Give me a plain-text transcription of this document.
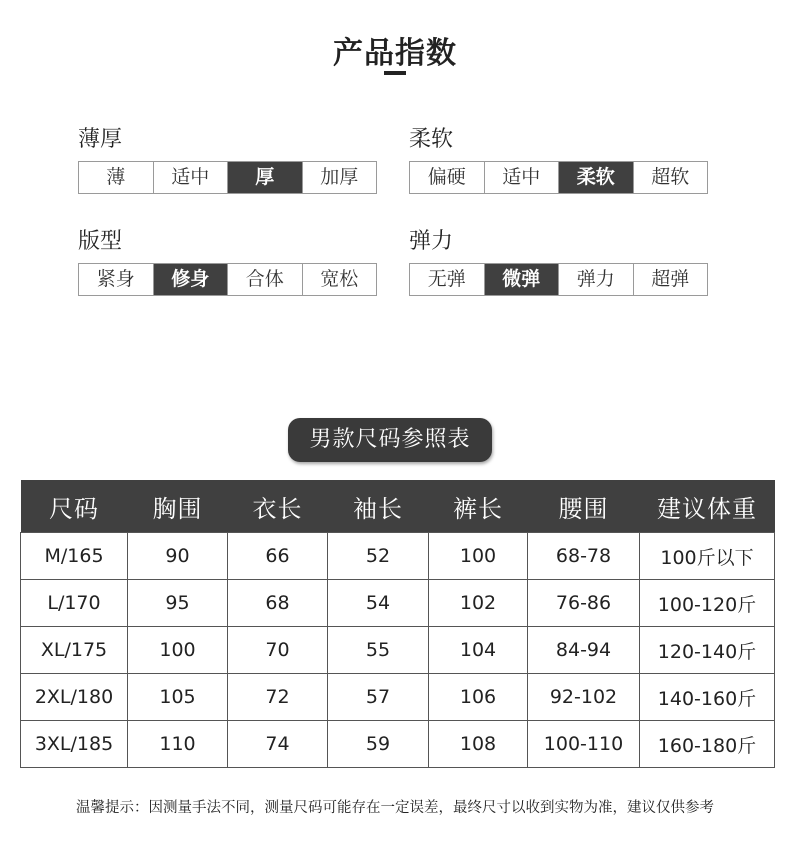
产品指数
薄厚
薄	适中	厚	加厚
柔软
偏硬	适中	柔软	超软
版型
紧身	修身	合体	宽松
弹力
无弹	微弹	弹力	超弹
男款尺码参照表
尺码	胸围	衣长	袖长	裤长	腰围	建议体重
M/165	90	66	52	100	68-78	100斤以下
L/170	95	68	54	102	76-86	100-120斤
XL/175	100	70	55	104	84-94	120-140斤
2XL/180	105	72	57	106	92-102	140-160斤
3XL/185	110	74	59	108	100-110	160-180斤
温馨提示：因测量手法不同，测量尺码可能存在一定误差，最终尺寸以收到实物为准，建议仅供参考
